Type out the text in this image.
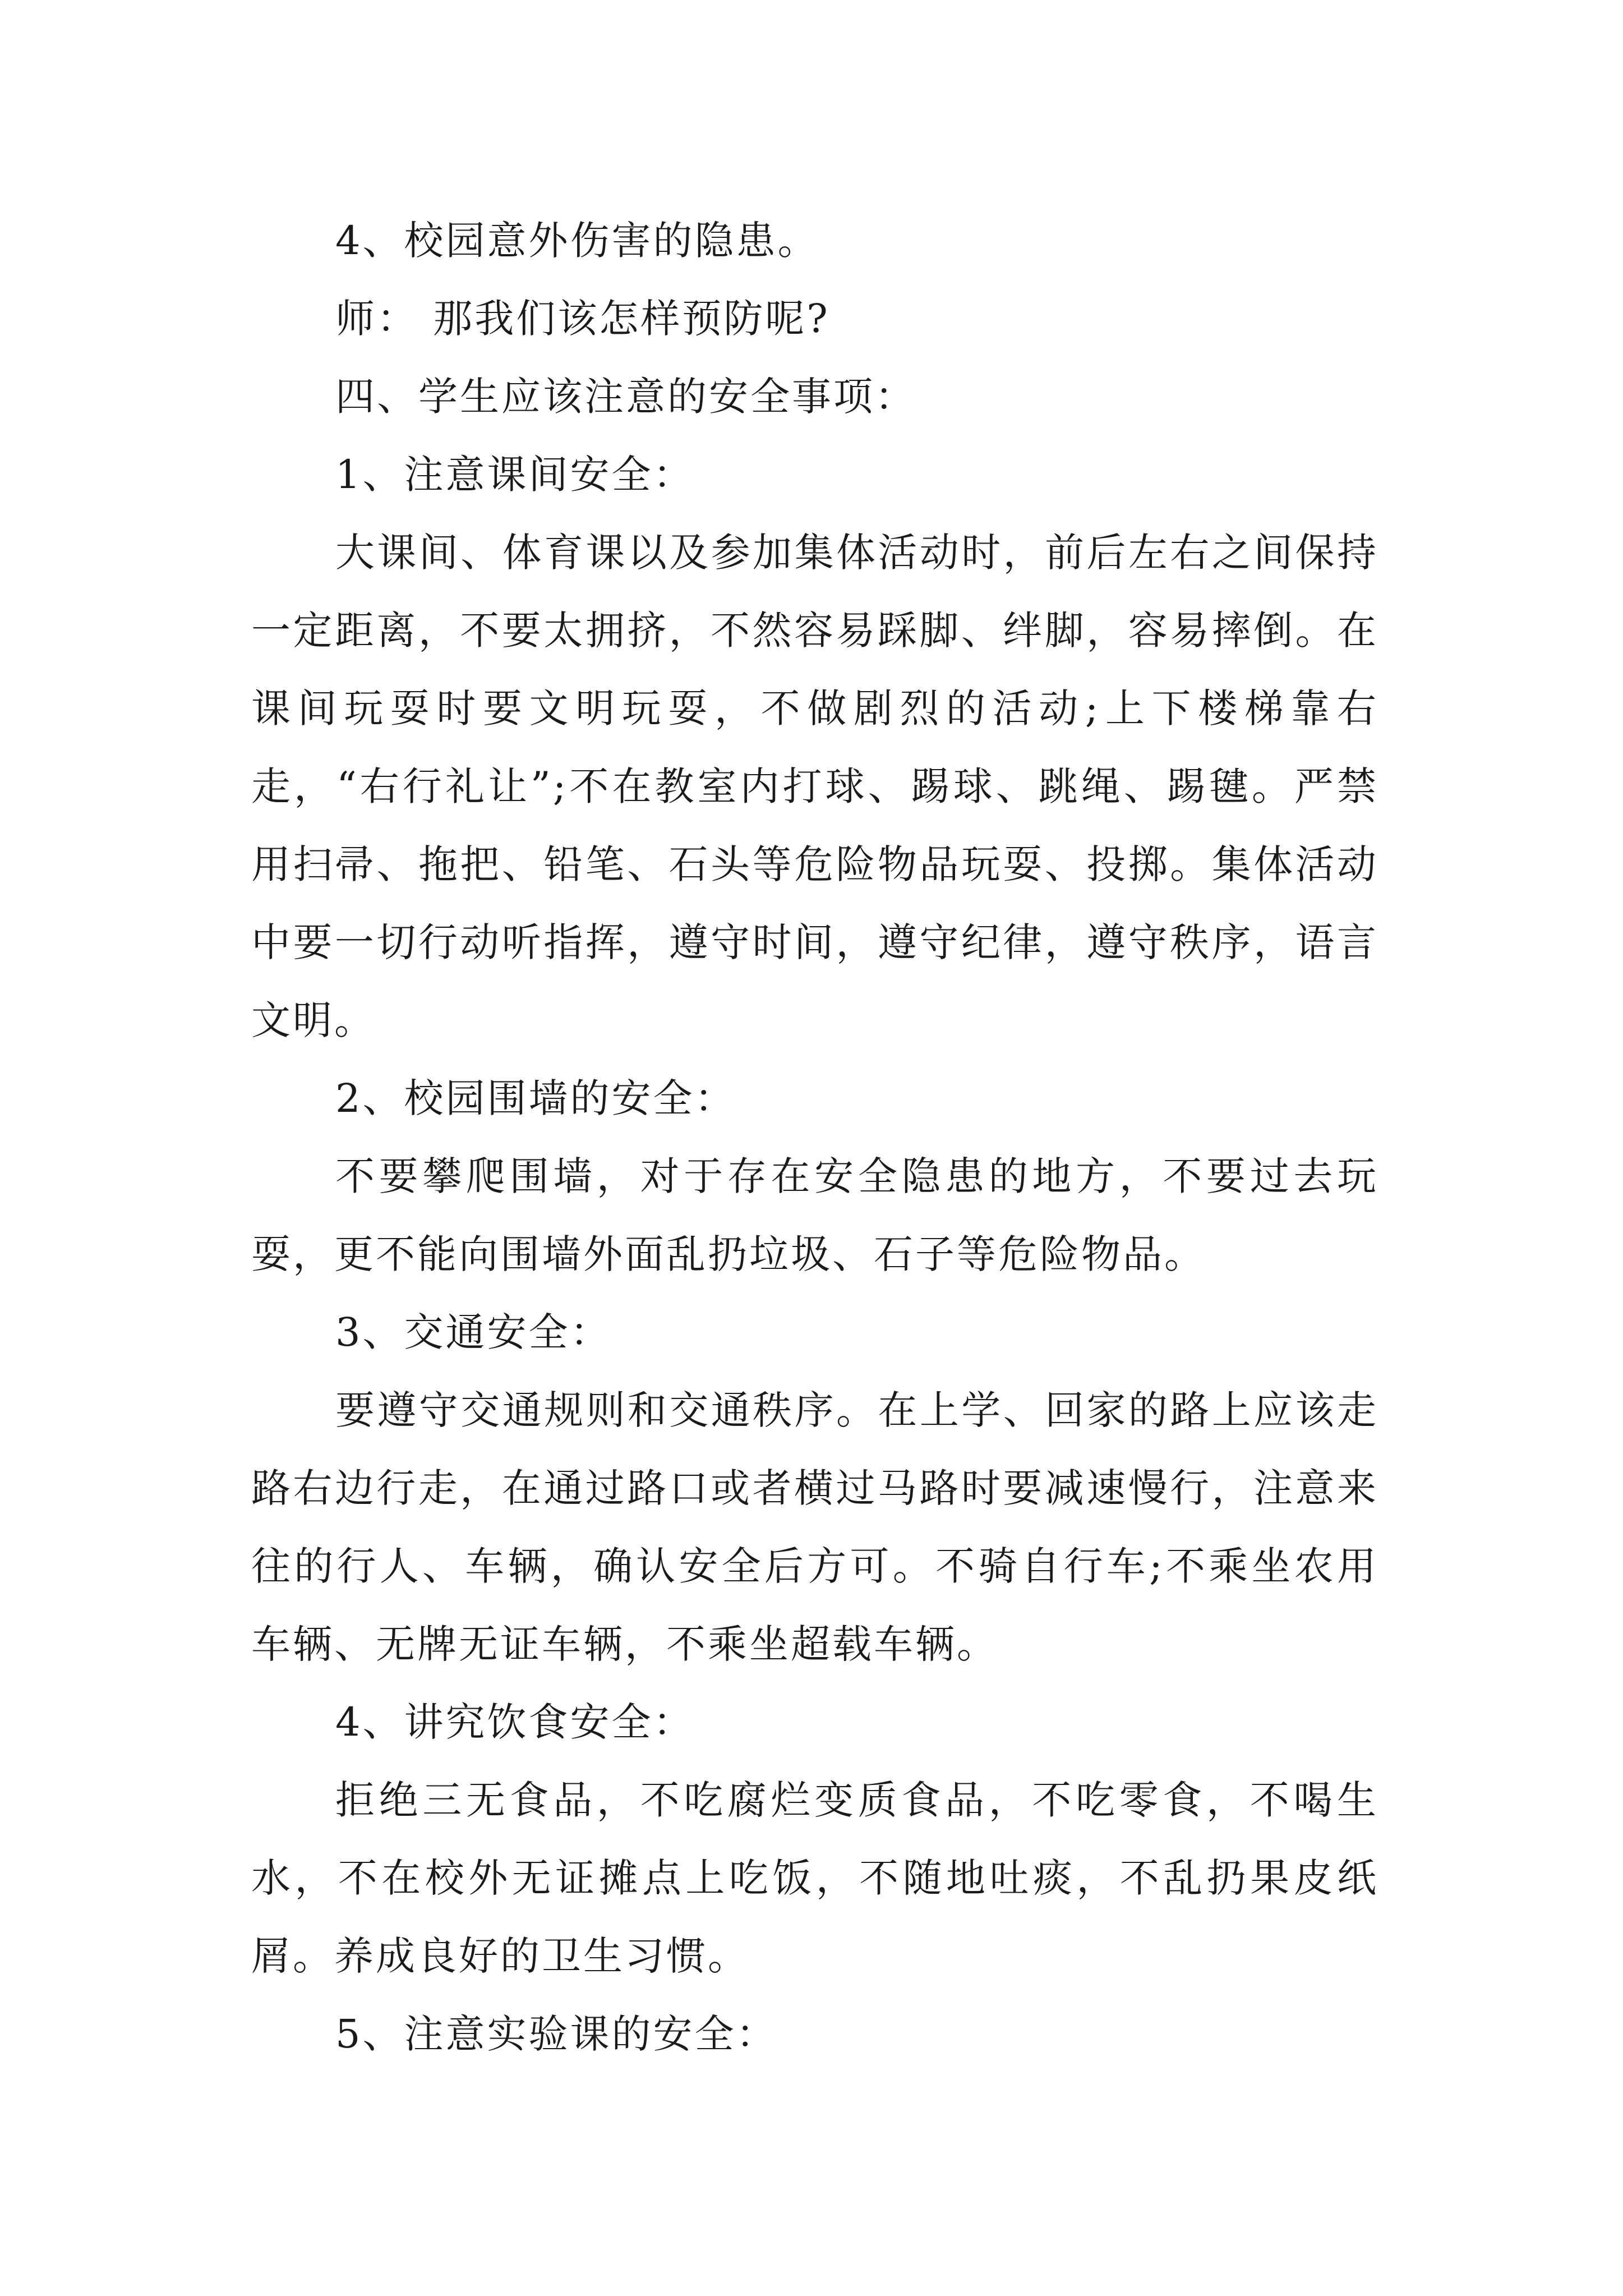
4、校园意外伤害的隐患。

师： 那我们该怎样预防呢?

四、学生应该注意的安全事项：

1、注意课间安全：

大课间、体育课以及参加集体活动时，前后左右之间保持一定距离，不要太拥挤，不然容易踩脚、绊脚，容易摔倒。在课间玩耍时要文明玩耍，不做剧烈的活动;上下楼梯靠右走，“右行礼让”;不在教室内打球、踢球、跳绳、踢毽。严禁用扫帚、拖把、铅笔、石头等危险物品玩耍、投掷。集体活动中要一切行动听指挥，遵守时间，遵守纪律，遵守秩序，语言文明。

2、校园围墙的安全：

不要攀爬围墙，对于存在安全隐患的地方，不要过去玩耍，更不能向围墙外面乱扔垃圾、石子等危险物品。

3、交通安全：

要遵守交通规则和交通秩序。在上学、回家的路上应该走路右边行走，在通过路口或者横过马路时要减速慢行，注意来往的行人、车辆，确认安全后方可。不骑自行车;不乘坐农用车辆、无牌无证车辆，不乘坐超载车辆。

4、讲究饮食安全：

拒绝三无食品，不吃腐烂变质食品，不吃零食，不喝生水，不在校外无证摊点上吃饭，不随地吐痰，不乱扔果皮纸屑。养成良好的卫生习惯。

5、注意实验课的安全：
